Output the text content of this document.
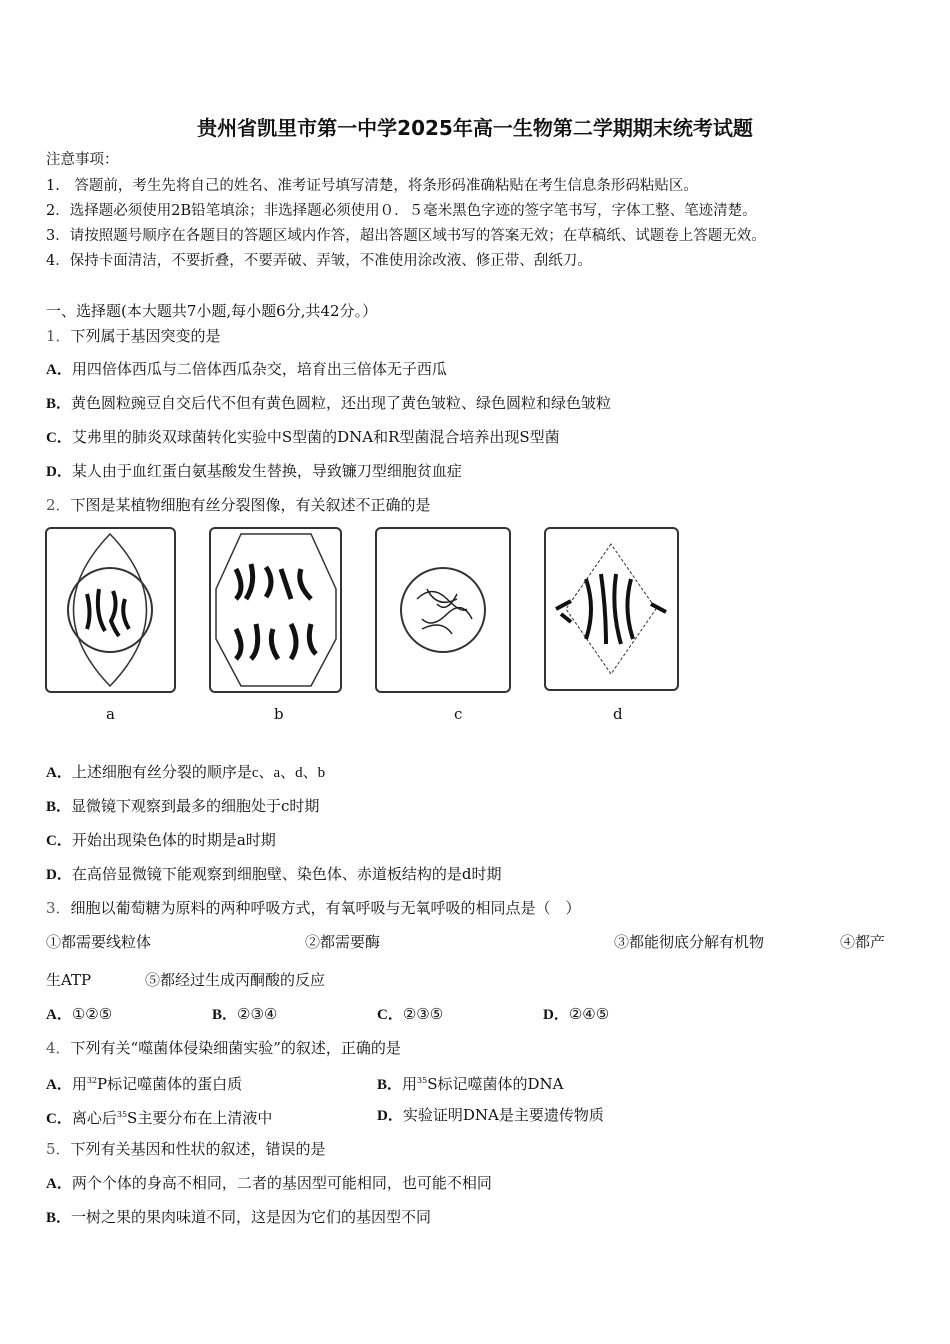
贵州省凯里市第一中学2025年高一生物第二学期期末统考试题
注意事项：
1.　答题前，考生先将自己的姓名、准考证号填写清楚，将条形码准确粘贴在考生信息条形码粘贴区。
2．选择题必须使用2B铅笔填涂；非选择题必须使用０．５毫米黑色字迹的签字笔书写，字体工整、笔迹清楚。
3．请按照题号顺序在各题目的答题区域内作答，超出答题区域书写的答案无效；在草稿纸、试题卷上答题无效。
4．保持卡面清洁，不要折叠，不要弄破、弄皱，不准使用涂改液、修正带、刮纸刀。
一、选择题(本大题共7小题,每小题6分,共42分。）
1．下列属于基因突变的是
A．用四倍体西瓜与二倍体西瓜杂交，培育出三倍体无子西瓜
B．黄色圆粒豌豆自交后代不但有黄色圆粒，还出现了黄色皱粒、绿色圆粒和绿色皱粒
C．艾弗里的肺炎双球菌转化实验中S型菌的DNA和R型菌混合培养出现S型菌
D．某人由于血红蛋白氨基酸发生替换，导致镰刀型细胞贫血症
2．下图是某植物细胞有丝分裂图像，有关叙述不正确的是
a	b	c	d
A．上述细胞有丝分裂的顺序是c、a、d、b
B．显微镜下观察到最多的细胞处于c时期
C．开始出现染色体的时期是a时期
D．在高倍显微镜下能观察到细胞壁、染色体、赤道板结构的是d时期
3．细胞以葡萄糖为原料的两种呼吸方式，有氧呼吸与无氧呼吸的相同点是（　）
①都需要线粒体	②都需要酶	③都能彻底分解有机物	④都产
生ATP	⑤都经过生成丙酮酸的反应
A．①②⑤	B．②③④	C．②③⑤	D．②④⑤
4．下列有关“噬菌体侵染细菌实验”的叙述，正确的是
A．用$^{32}$P标记噬菌体的蛋白质	B．用$^{35}$S标记噬菌体的DNA
C．离心后$^{35}$S主要分布在上清液中	D．实验证明DNA是主要遗传物质
5．下列有关基因和性状的叙述，错误的是
A．两个个体的身高不相同，二者的基因型可能相同，也可能不相同
B．一树之果的果肉味道不同，这是因为它们的基因型不同
